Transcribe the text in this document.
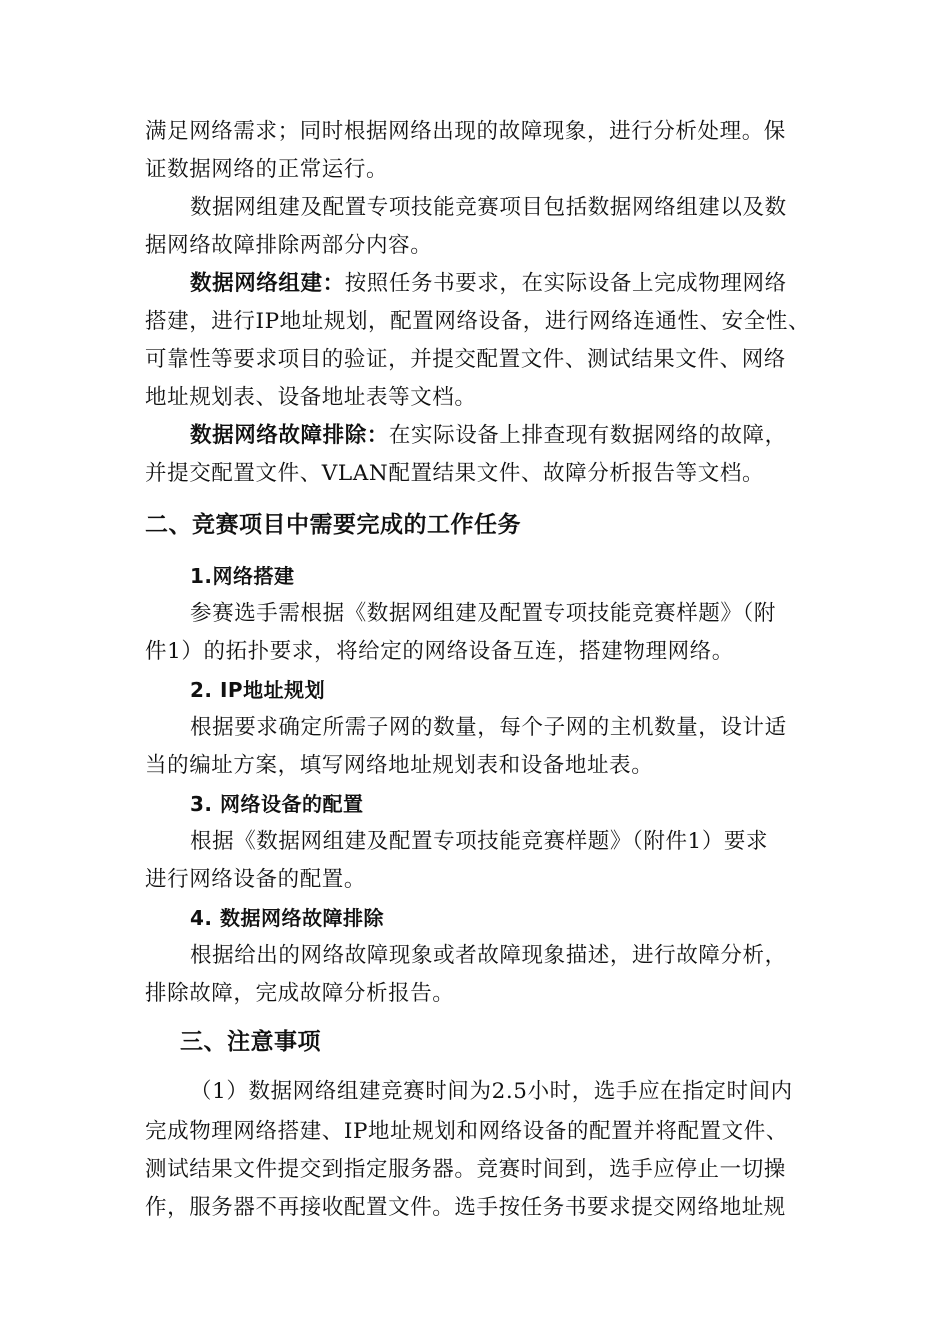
满足网络需求；同时根据网络出现的故障现象，进行分析处理。保
证数据网络的正常运行。
数据网组建及配置专项技能竞赛项目包括数据网络组建以及数
据网络故障排除两部分内容。
数据网络组建：按照任务书要求，在实际设备上完成物理网络
搭建，进行IP地址规划，配置网络设备，进行网络连通性、安全性、
可靠性等要求项目的验证，并提交配置文件、测试结果文件、网络
地址规划表、设备地址表等文档。
数据网络故障排除：在实际设备上排查现有数据网络的故障，
并提交配置文件、VLAN配置结果文件、故障分析报告等文档。
二、竞赛项目中需要完成的工作任务
1.网络搭建
参赛选手需根据《数据网组建及配置专项技能竞赛样题》（附
件1）的拓扑要求，将给定的网络设备互连，搭建物理网络。
2. IP地址规划
根据要求确定所需子网的数量，每个子网的主机数量，设计适
当的编址方案，填写网络地址规划表和设备地址表。
3. 网络设备的配置
根据《数据网组建及配置专项技能竞赛样题》（附件1）要求
进行网络设备的配置。
4. 数据网络故障排除
根据给出的网络故障现象或者故障现象描述，进行故障分析，
排除故障，完成故障分析报告。
三、注意事项
（1）数据网络组建竞赛时间为2.5小时，选手应在指定时间内
完成物理网络搭建、IP地址规划和网络设备的配置并将配置文件、
测试结果文件提交到指定服务器。竞赛时间到，选手应停止一切操
作，服务器不再接收配置文件。选手按任务书要求提交网络地址规
